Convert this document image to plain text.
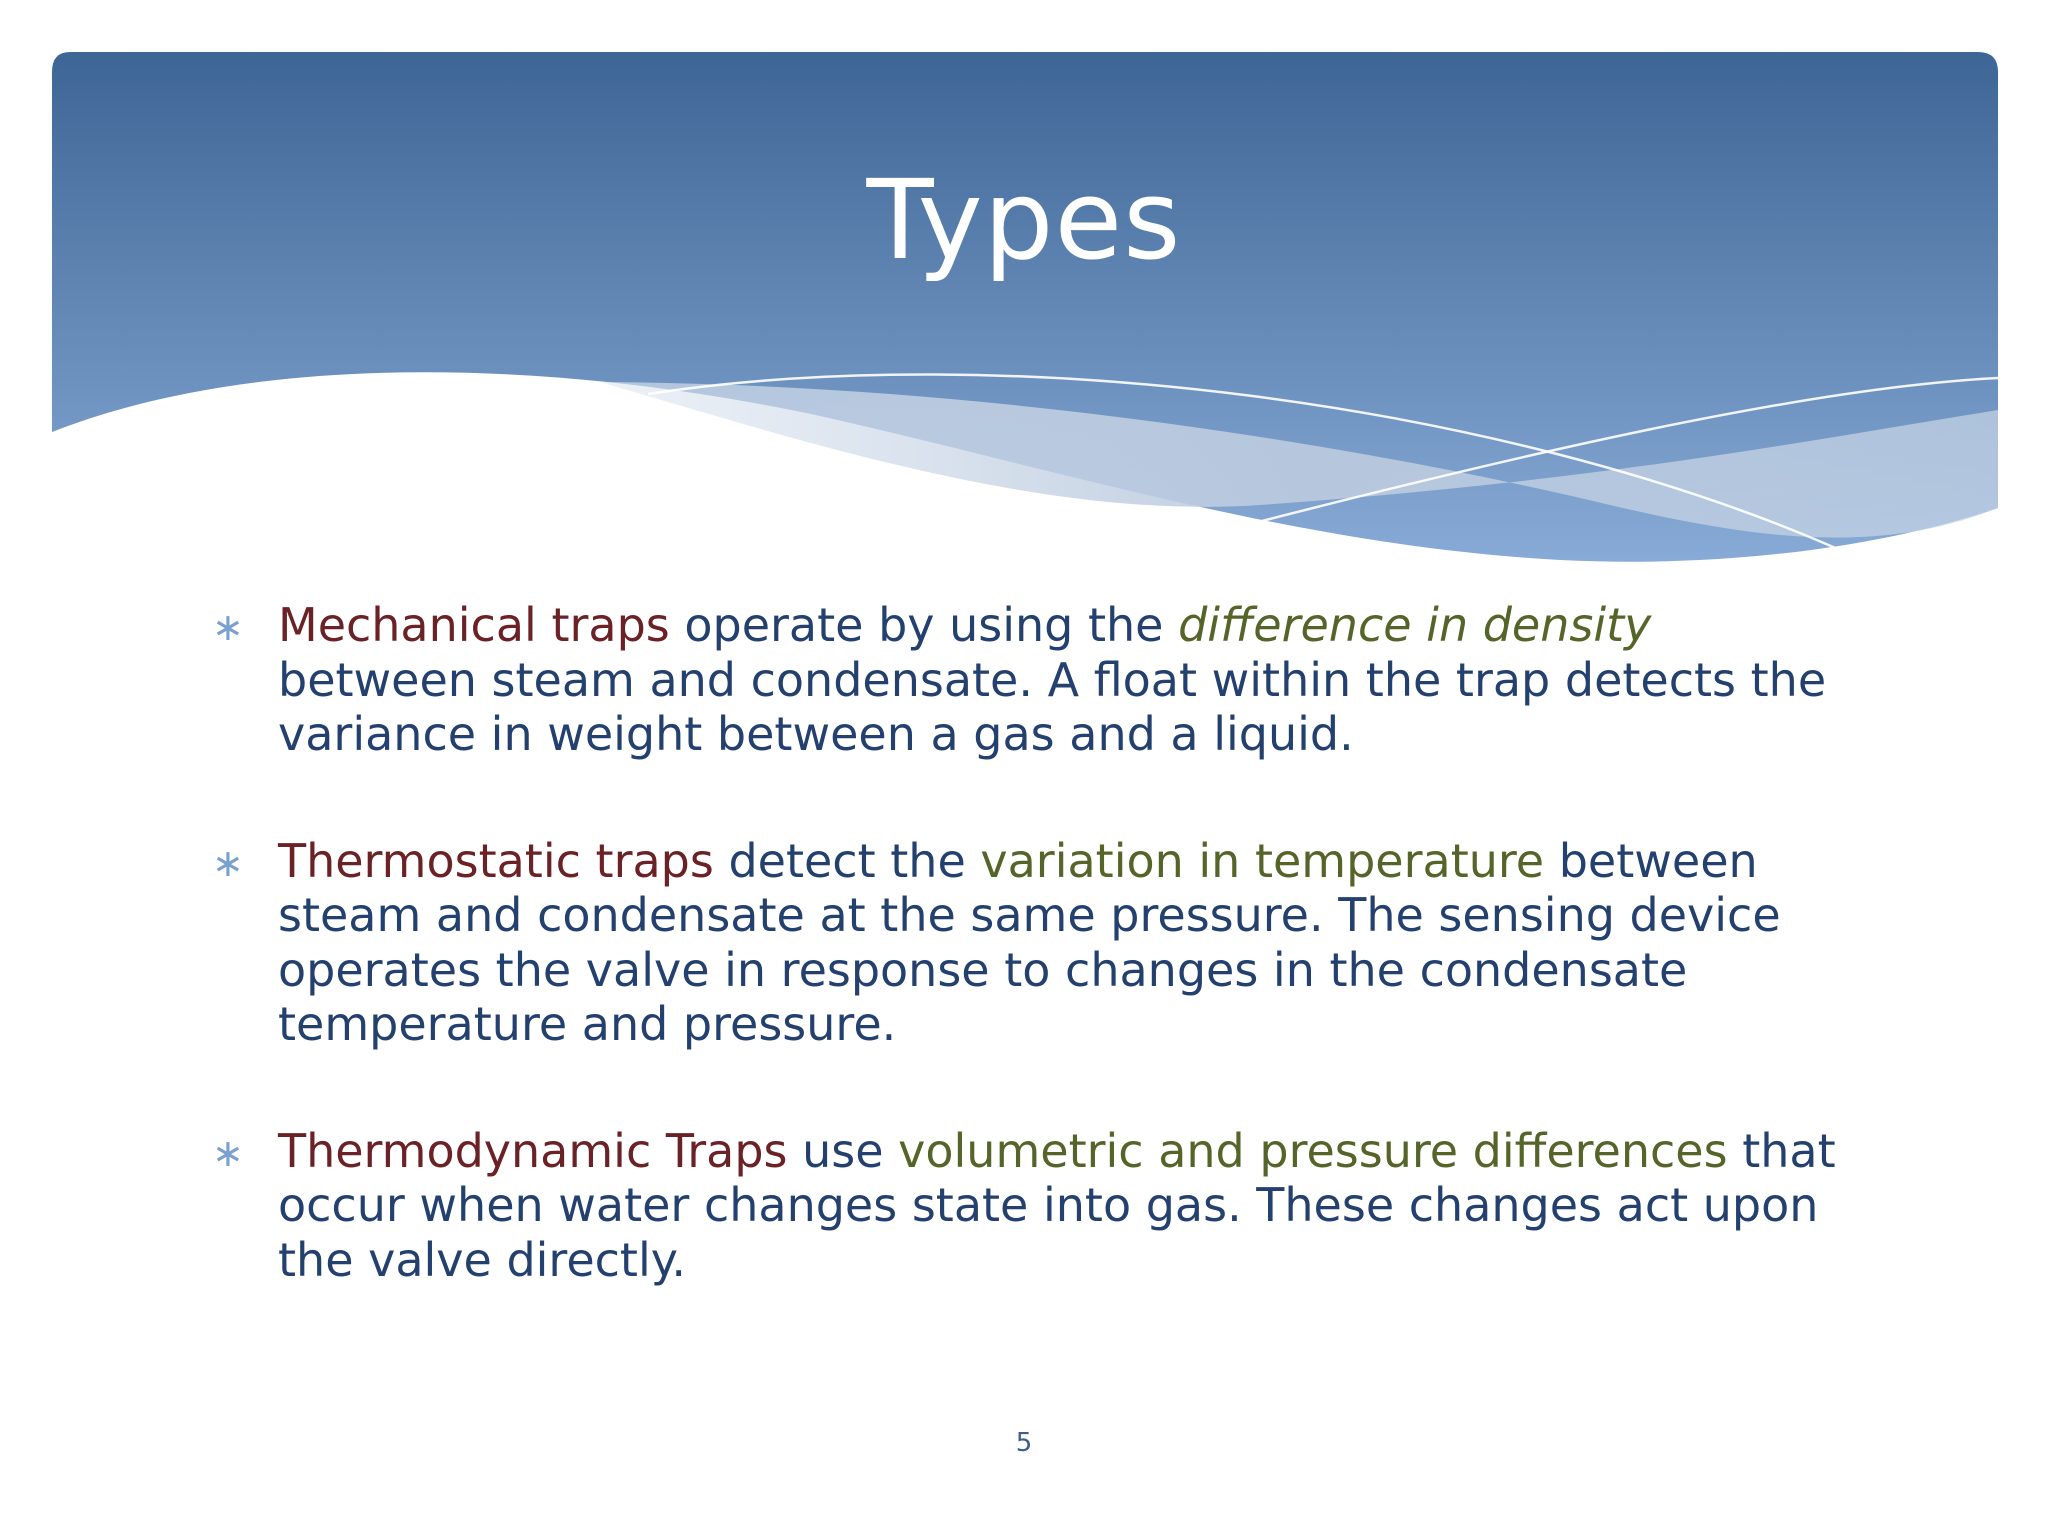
Types
∗ Mechanical traps operate by using the difference in density between steam and condensate. A float within the trap detects the variance in weight between a gas and a liquid.
∗ Thermostatic traps detect the variation in temperature between steam and condensate at the same pressure. The sensing device operates the valve in response to changes in the condensate temperature and pressure.
∗ Thermodynamic Traps use volumetric and pressure differences that occur when water changes state into gas. These changes act upon the valve directly.
5
